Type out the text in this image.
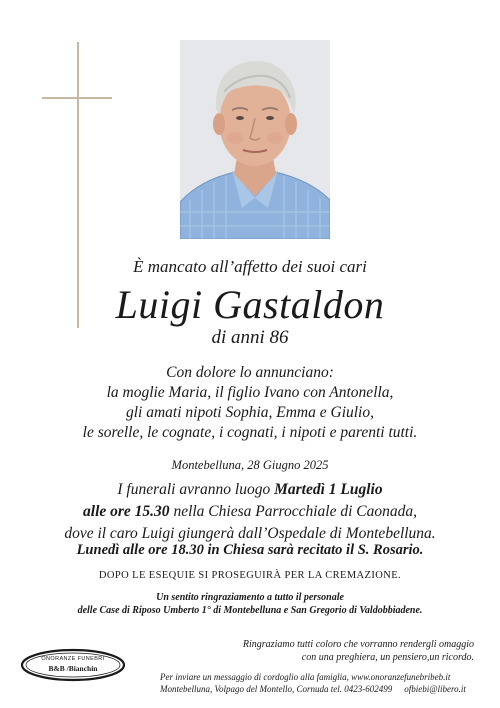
È mancato all’affetto dei suoi cari
Luigi Gastaldon
di anni 86
Con dolore lo annunciano:
la moglie Maria, il figlio Ivano con Antonella,
gli amati nipoti Sophia, Emma e Giulio,
le sorelle, le cognate, i cognati, i nipoti e parenti tutti.
Montebelluna, 28 Giugno 2025
I funerali avranno luogo Martedì 1 Luglio
alle ore 15.30 nella Chiesa Parrocchiale di Caonada,
dove il caro Luigi giungerà dall’Ospedale di Montebelluna.
Lunedì alle ore 18.30 in Chiesa sarà recitato il S. Rosario.
DOPO LE ESEQUIE SI PROSEGUIRÀ PER LA CREMAZIONE.
Un sentito ringraziamento a tutto il personale
delle Case di Riposo Umberto 1° di Montebelluna e San Gregorio di Valdobbiadene.
Ringraziamo tutti coloro che vorranno rendergli omaggio
con una preghiera, un pensiero,un ricordo.
ONORANZE FUNEBRI
B&B /Bianchin
Per inviare un messaggio di cordoglio alla famiglia, www.onoranzefunebribeb.it
Montebelluna, Volpago del Montello, Cornuda tel. 0423-602499 ofbiebi@libero.it
